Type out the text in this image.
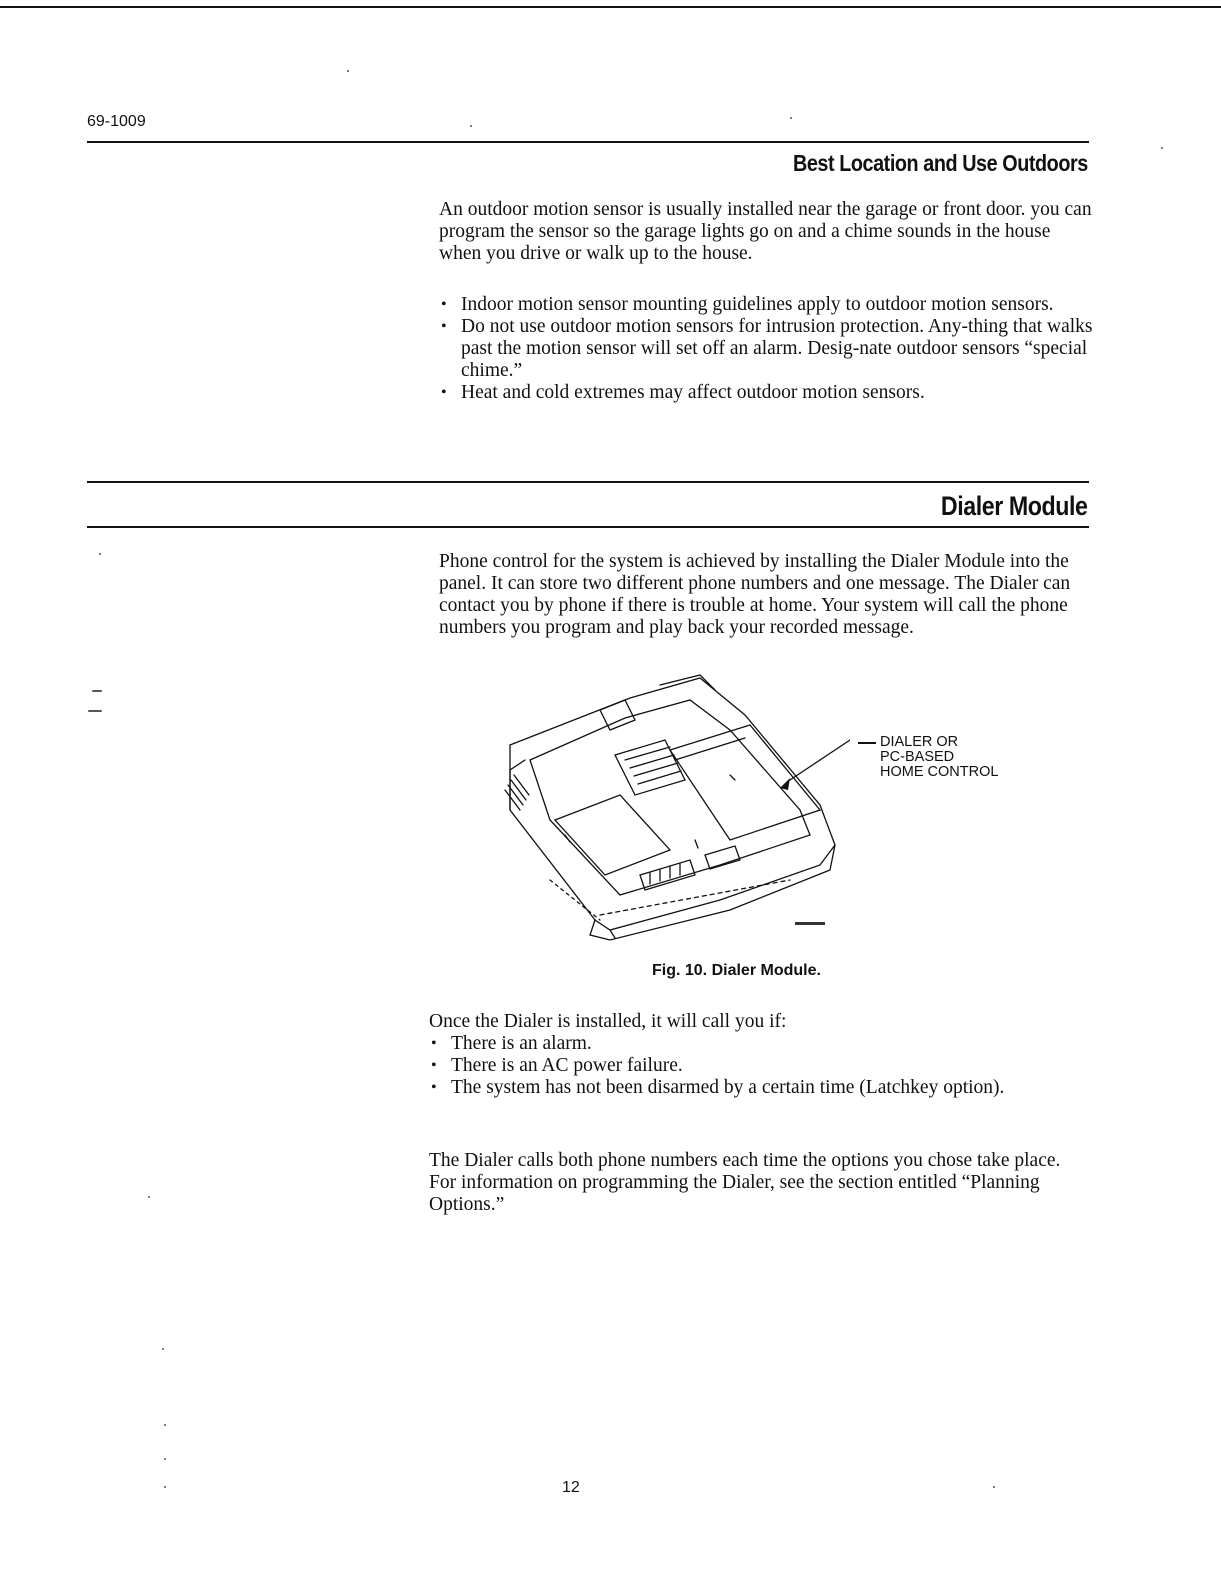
69-1009
Best Location and Use Outdoors

An outdoor motion sensor is usually installed near the garage or front door. you can program the sensor so the garage lights go on and a chime sounds in the house when you drive or walk up to the house.

• Indoor motion sensor mounting guidelines apply to outdoor motion sensors.
• Do not use outdoor motion sensors for intrusion protection. Any-thing that walks past the motion sensor will set off an alarm. Desig-nate outdoor sensors “special chime.”
• Heat and cold extremes may affect outdoor motion sensors.
Dialer Module

Phone control for the system is achieved by installing the Dialer Module into the panel. It can store two different phone numbers and one message. The Dialer can contact you by phone if there is trouble at home. Your system will call the phone numbers you program and play back your recorded message.

DIALER OR
PC-BASED
HOME CONTROL
Fig. 10. Dialer Module.

Once the Dialer is installed, it will call you if:

• There is an alarm.
• There is an AC power failure.
• The system has not been disarmed by a certain time (Latchkey option).

The Dialer calls both phone numbers each time the options you chose take place. For information on programming the Dialer, see the section entitled “Planning Options.”

12
